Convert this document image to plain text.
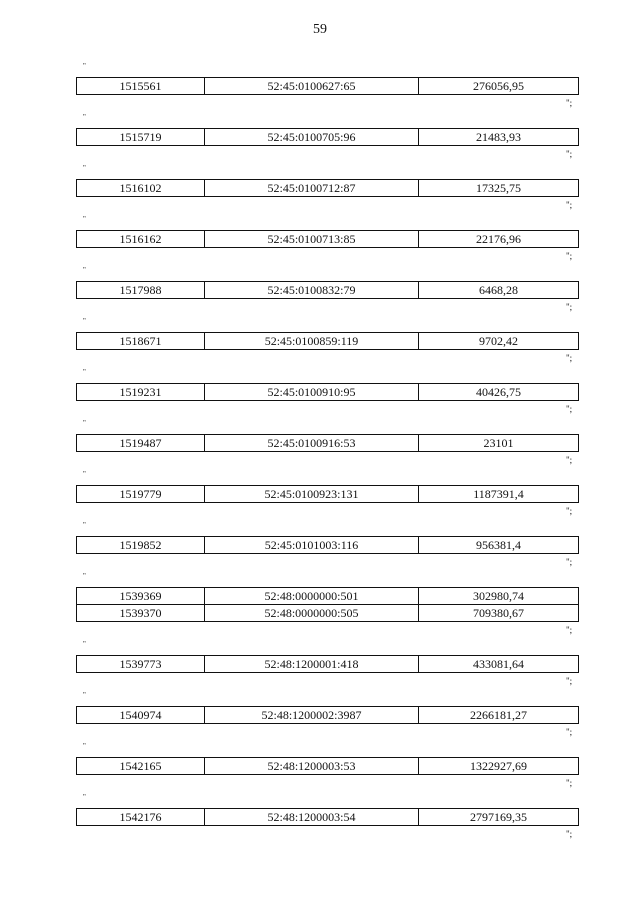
59
"
1515561	52:45:0100627:65	276056,95
";
"
1515719	52:45:0100705:96	21483,93
";
"
1516102	52:45:0100712:87	17325,75
";
"
1516162	52:45:0100713:85	22176,96
";
"
1517988	52:45:0100832:79	6468,28
";
"
1518671	52:45:0100859:119	9702,42
";
"
1519231	52:45:0100910:95	40426,75
";
"
1519487	52:45:0100916:53	23101
";
"
1519779	52:45:0100923:131	1187391,4
";
"
1519852	52:45:0101003:116	956381,4
";
"
1539369	52:48:0000000:501	302980,74
1539370	52:48:0000000:505	709380,67
";
"
1539773	52:48:1200001:418	433081,64
";
"
1540974	52:48:1200002:3987	2266181,27
";
"
1542165	52:48:1200003:53	1322927,69
";
"
1542176	52:48:1200003:54	2797169,35
";
